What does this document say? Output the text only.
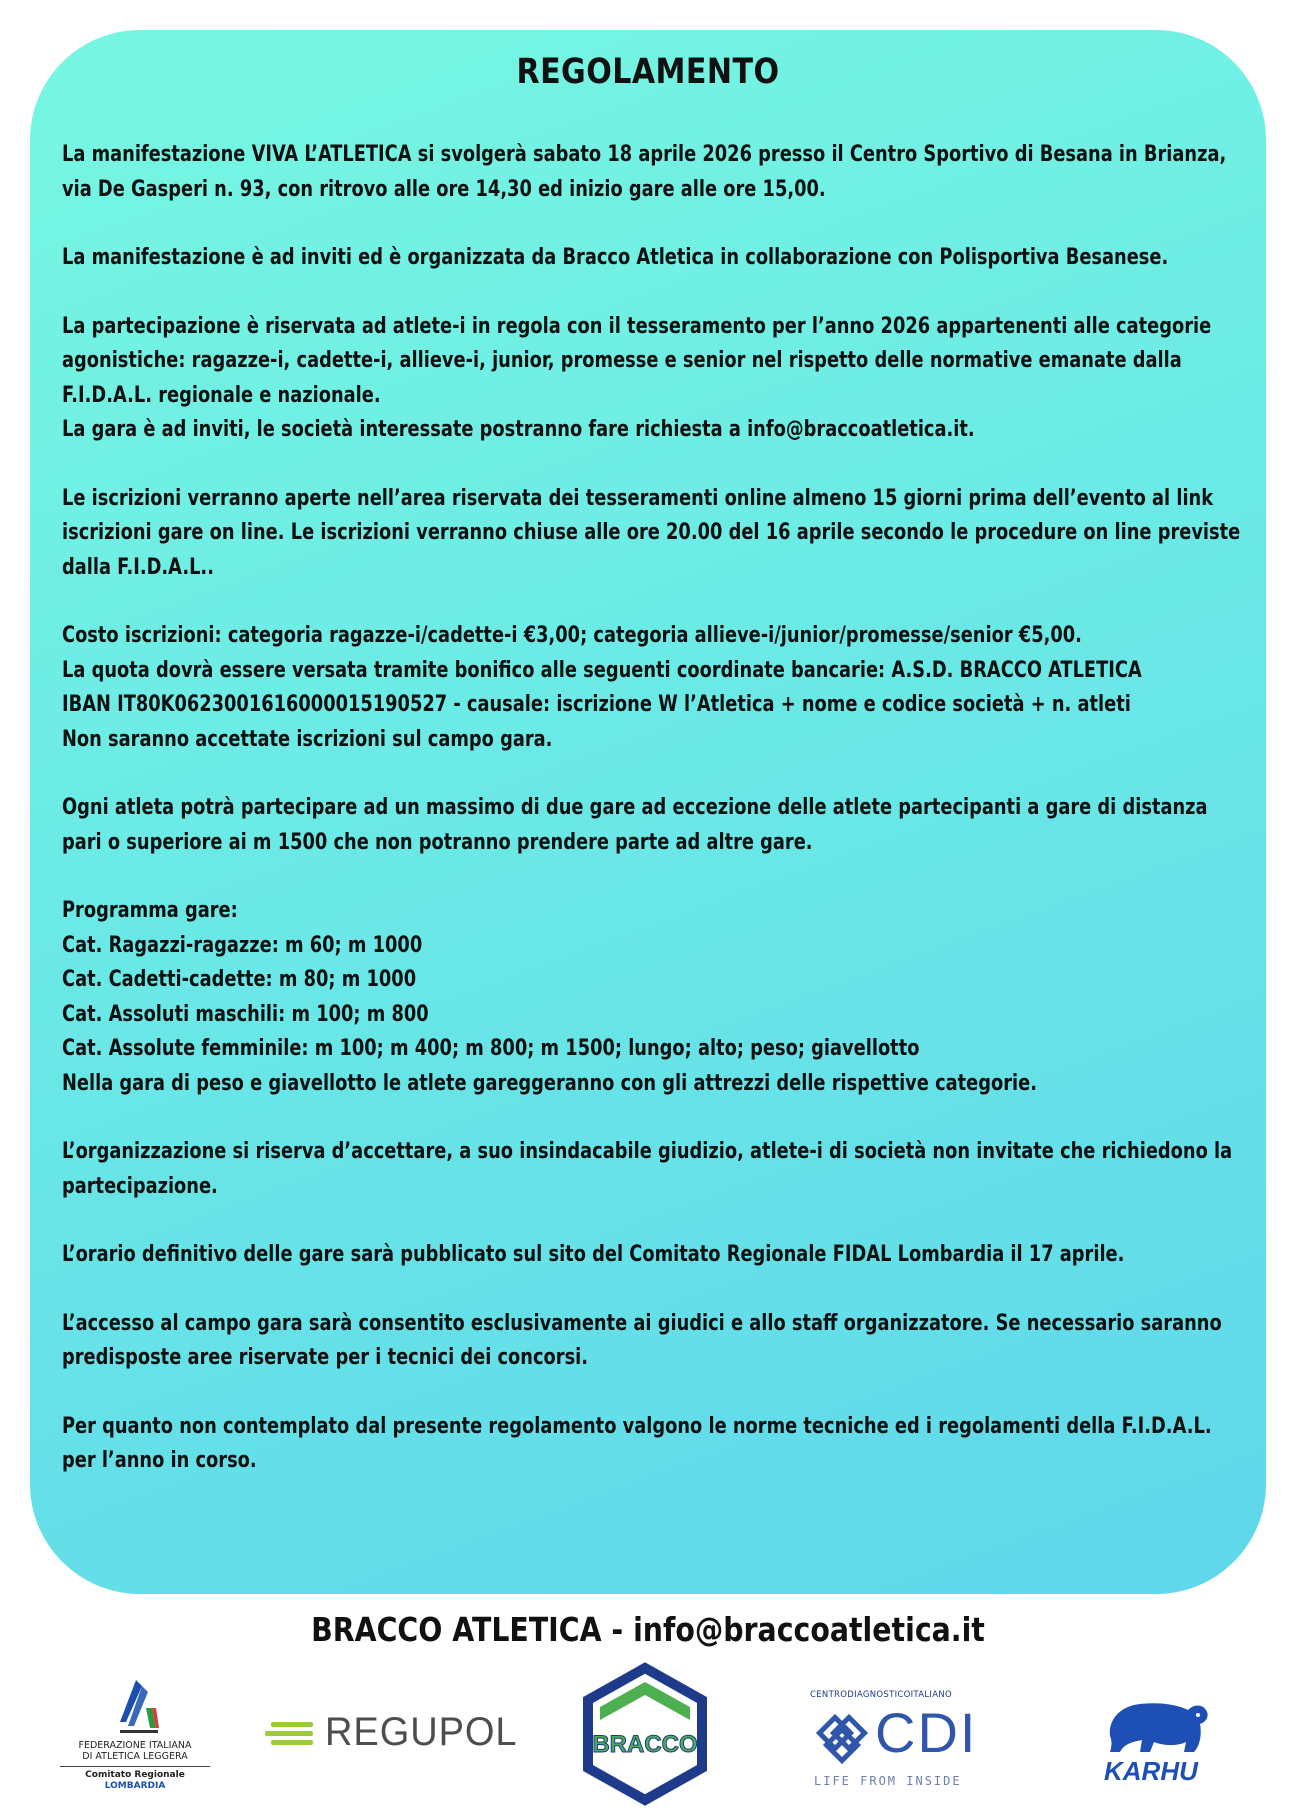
REGOLAMENTO
La manifestazione VIVA L’ATLETICA si svolgerà sabato 18 aprile 2026 presso il Centro Sportivo di Besana in Brianza,
via De Gasperi n. 93, con ritrovo alle ore 14,30 ed inizio gare alle ore 15,00.
La manifestazione è ad inviti ed è organizzata da Bracco Atletica in collaborazione con Polisportiva Besanese.
La partecipazione è riservata ad atlete-i in regola con il tesseramento per l’anno 2026 appartenenti alle categorie
agonistiche: ragazze-i, cadette-i, allieve-i, junior, promesse e senior nel rispetto delle normative emanate dalla
F.I.D.A.L. regionale e nazionale.
La gara è ad inviti, le società interessate postranno fare richiesta a info@braccoatletica.it.
Le iscrizioni verranno aperte nell’area riservata dei tesseramenti online almeno 15 giorni prima dell’evento al link
iscrizioni gare on line. Le iscrizioni verranno chiuse alle ore 20.00 del 16 aprile secondo le procedure on line previste
dalla F.I.D.A.L..
Costo iscrizioni: categoria ragazze-i/cadette-i €3,00; categoria allieve-i/junior/promesse/senior €5,00.
La quota dovrà essere versata tramite bonifico alle seguenti coordinate bancarie: A.S.D. BRACCO ATLETICA
IBAN IT80K0623001616000015190527 - causale: iscrizione W l’Atletica + nome e codice società + n. atleti
Non saranno accettate iscrizioni sul campo gara.
Ogni atleta potrà partecipare ad un massimo di due gare ad eccezione delle atlete partecipanti a gare di distanza
pari o superiore ai m 1500 che non potranno prendere parte ad altre gare.
Programma gare:
Cat. Ragazzi-ragazze: m 60; m 1000
Cat. Cadetti-cadette: m 80; m 1000
Cat. Assoluti maschili: m 100; m 800
Cat. Assolute femminile: m 100; m 400; m 800; m 1500; lungo; alto; peso; giavellotto
Nella gara di peso e giavellotto le atlete gareggeranno con gli attrezzi delle rispettive categorie.
L’organizzazione si riserva d’accettare, a suo insindacabile giudizio, atlete-i di società non invitate che richiedono la
partecipazione.
L’orario definitivo delle gare sarà pubblicato sul sito del Comitato Regionale FIDAL Lombardia il 17 aprile.
L’accesso al campo gara sarà consentito esclusivamente ai giudici e allo staff organizzatore. Se necessario saranno
predisposte aree riservate per i tecnici dei concorsi.
Per quanto non contemplato dal presente regolamento valgono le norme tecniche ed i regolamenti della F.I.D.A.L.
per l’anno in corso.
BRACCO ATLETICA - info@braccoatletica.it
FEDERAZIONE ITALIANA
DI ATLETICA LEGGERA
Comitato Regionale LOMBARDIA
REGUPOL	BRACCO
CENTRODIAGNOSTICOITALIANO
CDI
LIFE FROM INSIDE	KARHU
